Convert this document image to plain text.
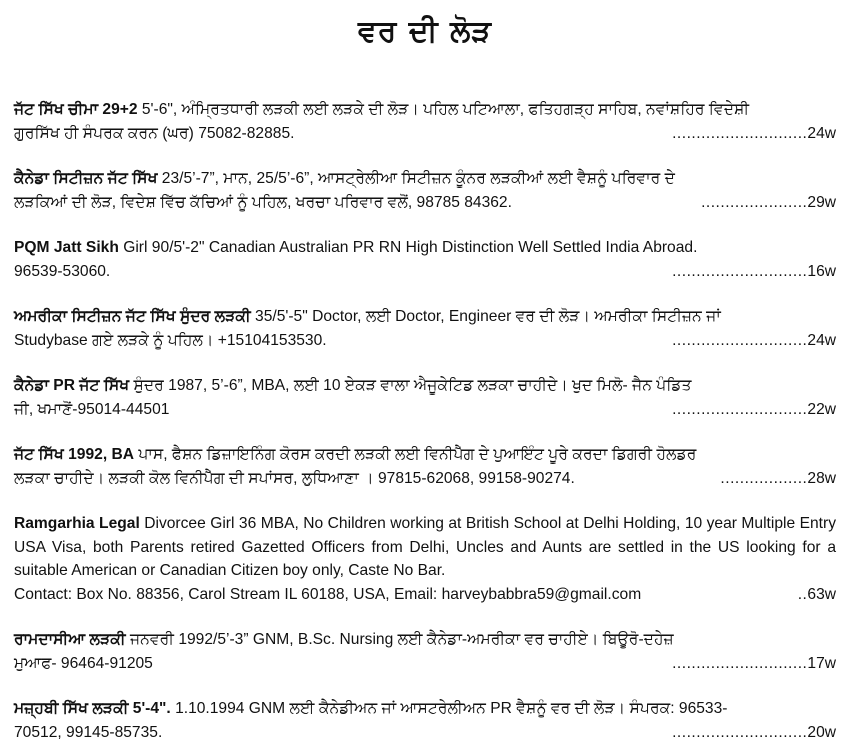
ਵਰ ਦੀ ਲੋੜ
ਜੱਟ ਸਿੱਖ ਚੀਮਾ 29+2 5'-6", ਅੰਮ੍ਰਿਤਧਾਰੀ ਲੜਕੀ ਲਈ ਲੜਕੇ ਦੀ ਲੋੜ। ਪਹਿਲ ਪਟਿਆਲਾ, ਫਤਿਹਗੜ੍ਹ ਸਾਹਿਬ, ਨਵਾਂਸ਼ਹਿਰ ਵਿਦੇਸ਼ੀ
ਗੁਰਸਿੱਖ ਹੀ ਸੰਪਰਕ ਕਰਨ (ਘਰ) 75082-82885.	............................ 24w
ਕੈਨੇਡਾ ਸਿਟੀਜ਼ਨ ਜੱਟ ਸਿੱਖ 23/5’-7”, ਮਾਨ, 25/5’-6”, ਆਸਟ੍ਰੇਲੀਆ ਸਿਟੀਜ਼ਨ ਕੂੰਨਰ ਲੜਕੀਆਂ ਲਈ ਵੈਸ਼ਨੂੰ ਪਰਿਵਾਰ ਦੇ
ਲੜਕਿਆਂ ਦੀ ਲੋੜ, ਵਿਦੇਸ਼ ਵਿੱਚ ਕੱਚਿਆਂ ਨੂੰ ਪਹਿਲ, ਖਰਚਾ ਪਰਿਵਾਰ ਵਲੋਂ, 98785 84362.	...................... 29w
PQM Jatt Sikh Girl 90/5'-2" Canadian Australian PR RN High Distinction Well Settled India Abroad.
96539-53060.	............................ 16w
ਅਮਰੀਕਾ ਸਿਟੀਜ਼ਨ ਜੱਟ ਸਿੱਖ ਸੁੰਦਰ ਲੜਕੀ 35/5'-5" Doctor, ਲਈ Doctor, Engineer ਵਰ ਦੀ ਲੋੜ। ਅਮਰੀਕਾ ਸਿਟੀਜ਼ਨ ਜਾਂ
Studybase ਗਏ ਲੜਕੇ ਨੂੰ ਪਹਿਲ। +15104153530.	............................ 24w
ਕੈਨੇਡਾ PR ਜੱਟ ਸਿੱਖ ਸੁੰਦਰ 1987, 5’-6”, MBA, ਲਈ 10 ਏਕੜ ਵਾਲਾ ਐਜੂਕੇਟਿਡ ਲੜਕਾ ਚਾਹੀਦੇ। ਖੁਦ ਮਿਲੋ- ਜੈਨ ਪੰਡਿਤ
ਜੀ, ਖਮਾਣੋਂ-95014-44501	............................ 22w
ਜੱਟ ਸਿੱਖ 1992, BA ਪਾਸ, ਫੈਸ਼ਨ ਡਿਜ਼ਾਇਨਿੰਗ ਕੋਰਸ ਕਰਦੀ ਲੜਕੀ ਲਈ ਵਿਨੀਪੈੱਗ ਦੇ ਪੁਆਇੰਟ ਪੂਰੇ ਕਰਦਾ ਡਿਗਰੀ ਹੋਲਡਰ
ਲੜਕਾ ਚਾਹੀਦੇ। ਲੜਕੀ ਕੋਲ ਵਿਨੀਪੈੱਗ ਦੀ ਸਪਾਂਸਰ, ਲੁਧਿਆਣਾ । 97815-62068, 99158-90274.	.................. 28w
Ramgarhia Legal Divorcee Girl 36 MBA, No Children working at British School at Delhi Holding, 10 year Multiple Entry USA Visa, both Parents retired Gazetted Officers from Delhi, Uncles and Aunts are settled in the US looking for a suitable American or Canadian Citizen boy only, Caste No Bar.
Contact: Box No. 88356, Carol Stream IL 60188, USA, Email: harveybabbra59@gmail.com	.. 63w
ਰਾਮਦਾਸੀਆ ਲੜਕੀ ਜਨਵਰੀ 1992/5’-3” GNM, B.Sc. Nursing ਲਈ ਕੈਨੇਡਾ-ਅਮਰੀਕਾ ਵਰ ਚਾਹੀਏ। ਬਿਊਰੋ-ਦਹੇਜ਼
ਮੁਆਫ- 96464-91205	............................ 17w
ਮਜ਼੍ਹਬੀ ਸਿੱਖ ਲੜਕੀ 5'-4". 1.10.1994 GNM ਲਈ ਕੈਨੇਡੀਅਨ ਜਾਂ ਆਸਟਰੇਲੀਅਨ PR ਵੈਸ਼ਨੂੰ ਵਰ ਦੀ ਲੋੜ। ਸੰਪਰਕ: 96533-
70512, 99145-85735.	............................ 20w
